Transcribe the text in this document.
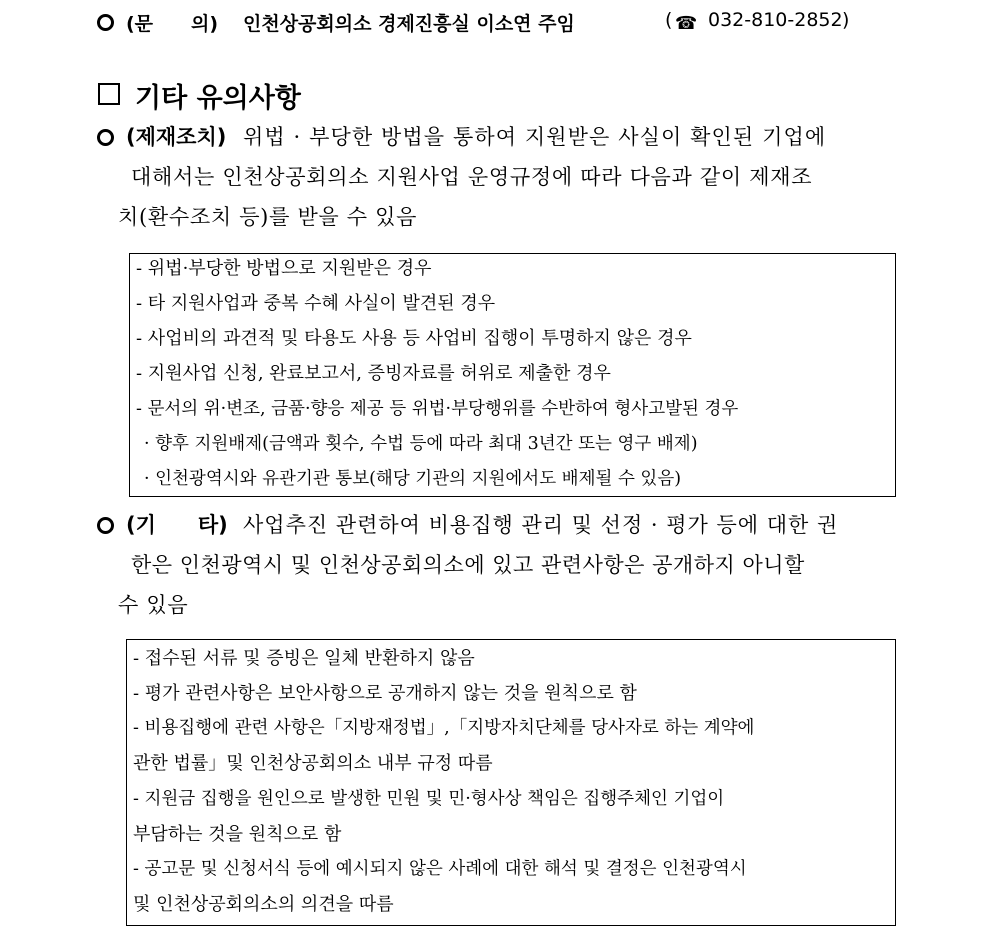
(문　　의) 인천상공회의소 경제진흥실 이소연 주임	( ☎ 032-810-2852 )
기타 유의사항
(제재조치) 위법 · 부당한 방법을 통하여 지원받은 사실이 확인된 기업에
대해서는 인천상공회의소 지원사업 운영규정에 따라 다음과 같이 제재조
치(환수조치 등)를 받을 수 있음
- 위법·부당한 방법으로 지원받은 경우
- 타 지원사업과 중복 수혜 사실이 발견된 경우
- 사업비의 과견적 및 타용도 사용 등 사업비 집행이 투명하지 않은 경우
- 지원사업 신청, 완료보고서, 증빙자료를 허위로 제출한 경우
- 문서의 위·변조, 금품·향응 제공 등 위법·부당행위를 수반하여 형사고발된 경우
· 향후 지원배제(금액과 횟수, 수법 등에 따라 최대 3년간 또는 영구 배제)
· 인천광역시와 유관기관 통보(해당 기관의 지원에서도 배제될 수 있음)
(기　　타) 사업추진 관련하여 비용집행 관리 및 선정 · 평가 등에 대한 권
한은 인천광역시 및 인천상공회의소에 있고 관련사항은 공개하지 아니할
수 있음
- 접수된 서류 및 증빙은 일체 반환하지 않음
- 평가 관련사항은 보안사항으로 공개하지 않는 것을 원칙으로 함
- 비용집행에 관련 사항은「지방재정법」,「지방자치단체를 당사자로 하는 계약에
관한 법률」및 인천상공회의소 내부 규정 따름
- 지원금 집행을 원인으로 발생한 민원 및 민·형사상 책임은 집행주체인 기업이
부담하는 것을 원칙으로 함
- 공고문 및 신청서식 등에 예시되지 않은 사례에 대한 해석 및 결정은 인천광역시
및 인천상공회의소의 의견을 따름
